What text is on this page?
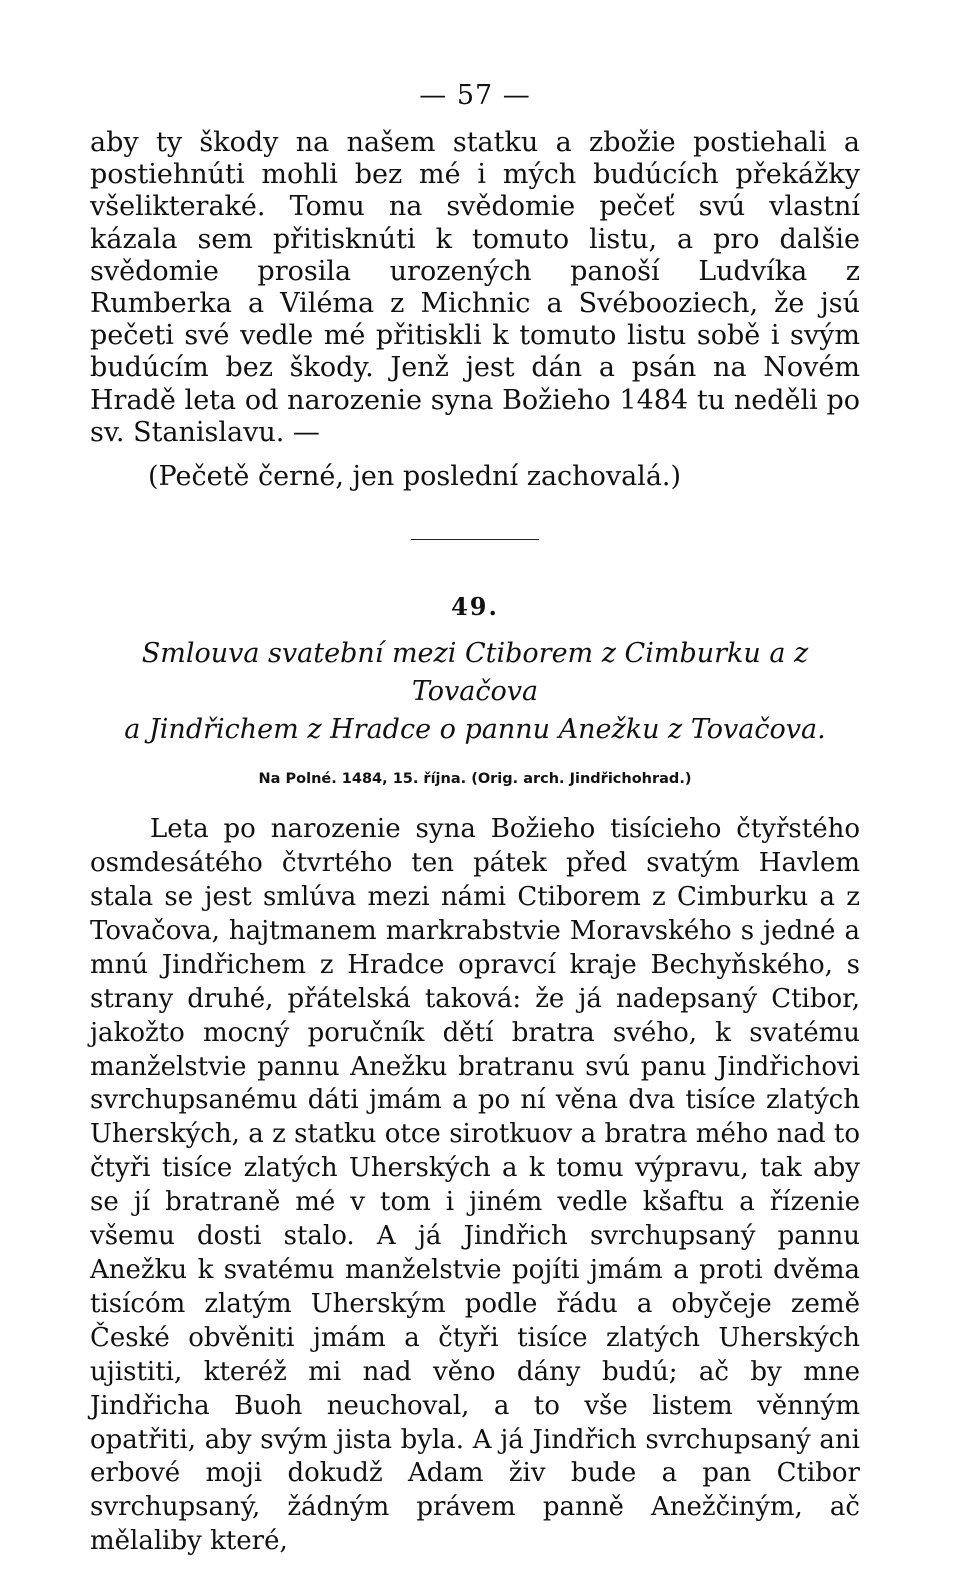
— 57 —

aby ty škody na našem statku a zbožie postiehali a postiehnúti mohli bez mé i mých budúcích překážky všelikteraké. Tomu na svědomie pečeť svú vlastní kázala sem přitisknúti k tomuto listu, a pro dalšie svědomie prosila urozených panoší Ludvíka z Rumberka a Viléma z Michnic a Svébooziech, že jsú pečeti své vedle mé přitiskli k tomuto listu sobě i svým budúcím bez škody. Jenž jest dán a psán na Novém Hradě leta od narozenie syna Božieho 1484 tu neděli po sv. Stanislavu. —

(Pečetě černé, jen poslední zachovalá.)

49.
Smlouva svatební mezi Ctiborem z Cimburku a z Tovačova
a Jindřichem z Hradce o pannu Anežku z Tovačova.
Na Polné. 1484, 15. října. (Orig. arch. Jindřichohrad.)

Leta po narozenie syna Božieho tisícieho čtyřstého osmdesátého čtvrtého ten pátek před svatým Havlem stala se jest smlúva mezi námi Ctiborem z Cimburku a z Tovačova, hajtmanem markrabstvie Moravského s jedné a mnú Jindřichem z Hradce opravcí kraje Bechyňského, s strany druhé, přátelská taková: že já nadepsaný Ctibor, jakožto mocný poručník dětí bratra svého, k svatému manželstvie pannu Anežku bratranu svú panu Jindřichovi svrchupsanému dáti jmám a po ní věna dva tisíce zlatých Uherských, a z statku otce sirotkuov a bratra mého nad to čtyři tisíce zlatých Uherských a k tomu výpravu, tak aby se jí bratraně mé v tom i jiném vedle kšaftu a řízenie všemu dosti stalo. A já Jindřich svrchupsaný pannu Anežku k svatému manželstvie pojíti jmám a proti dvěma tisícóm zlatým Uherským podle řádu a obyčeje země České obvěniti jmám a čtyři tisíce zlatých Uherských ujistiti, kteréž mi nad věno dány budú; ač by mne Jindřicha Buoh neuchoval, a to vše listem věnným opatřiti, aby svým jista byla. A já Jindřich svrchupsaný ani erbové moji dokudž Adam živ bude a pan Ctibor svrchupsaný, žádným právem panně Anežčiným, ač mělaliby které,
